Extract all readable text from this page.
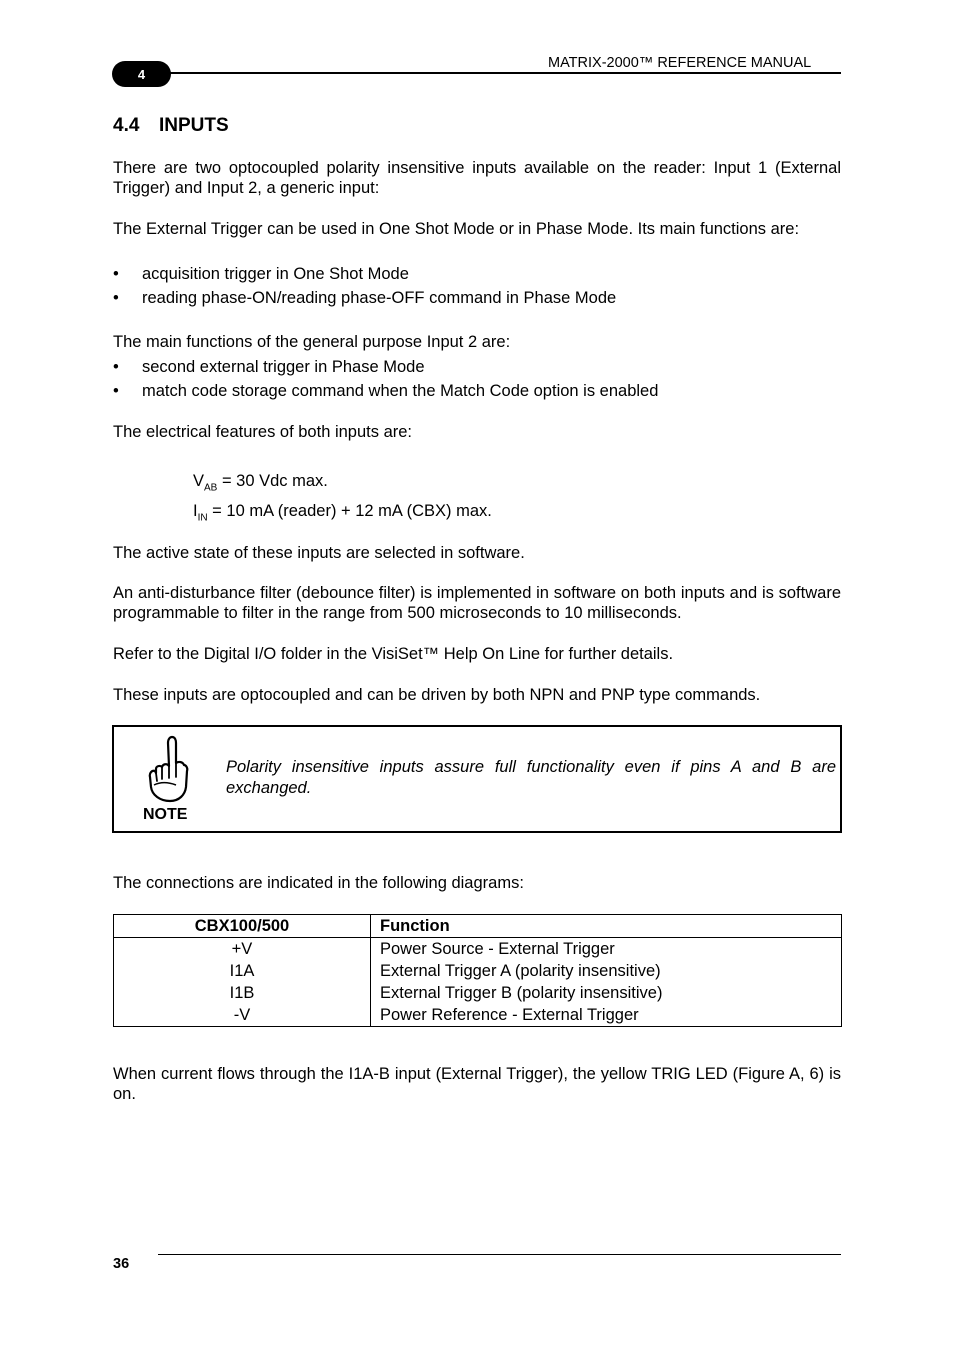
4
MATRIX-2000™ REFERENCE MANUAL
4.4 INPUTS
There are two optocoupled polarity insensitive inputs available on the reader: Input 1 (External Trigger) and Input 2, a generic input:
The External Trigger can be used in One Shot Mode or in Phase Mode. Its main functions are:
• acquisition trigger in One Shot Mode
• reading phase-ON/reading phase-OFF command in Phase Mode
The main functions of the general purpose Input 2 are:
• second external trigger in Phase Mode
• match code storage command when the Match Code option is enabled
The electrical features of both inputs are:
$V_{AB} = 30$ Vdc max.
$I_{IN} = 10$ mA (reader) + 12 mA (CBX) max.
The active state of these inputs are selected in software.
An anti-disturbance filter (debounce filter) is implemented in software on both inputs and is software programmable to filter in the range from 500 microseconds to 10 milliseconds.
Refer to the Digital I/O folder in the VisiSet™ Help On Line for further details.
These inputs are optocoupled and can be driven by both NPN and PNP type commands.
NOTE
Polarity insensitive inputs assure full functionality even if pins A and B are exchanged.
The connections are indicated in the following diagrams:
CBX100/500	Function
+V	Power Source - External Trigger
I1A	External Trigger A (polarity insensitive)
I1B	External Trigger B (polarity insensitive)
-V	Power Reference - External Trigger
When current flows through the I1A-B input (External Trigger), the yellow TRIG LED (Figure A, 6) is on.
36
